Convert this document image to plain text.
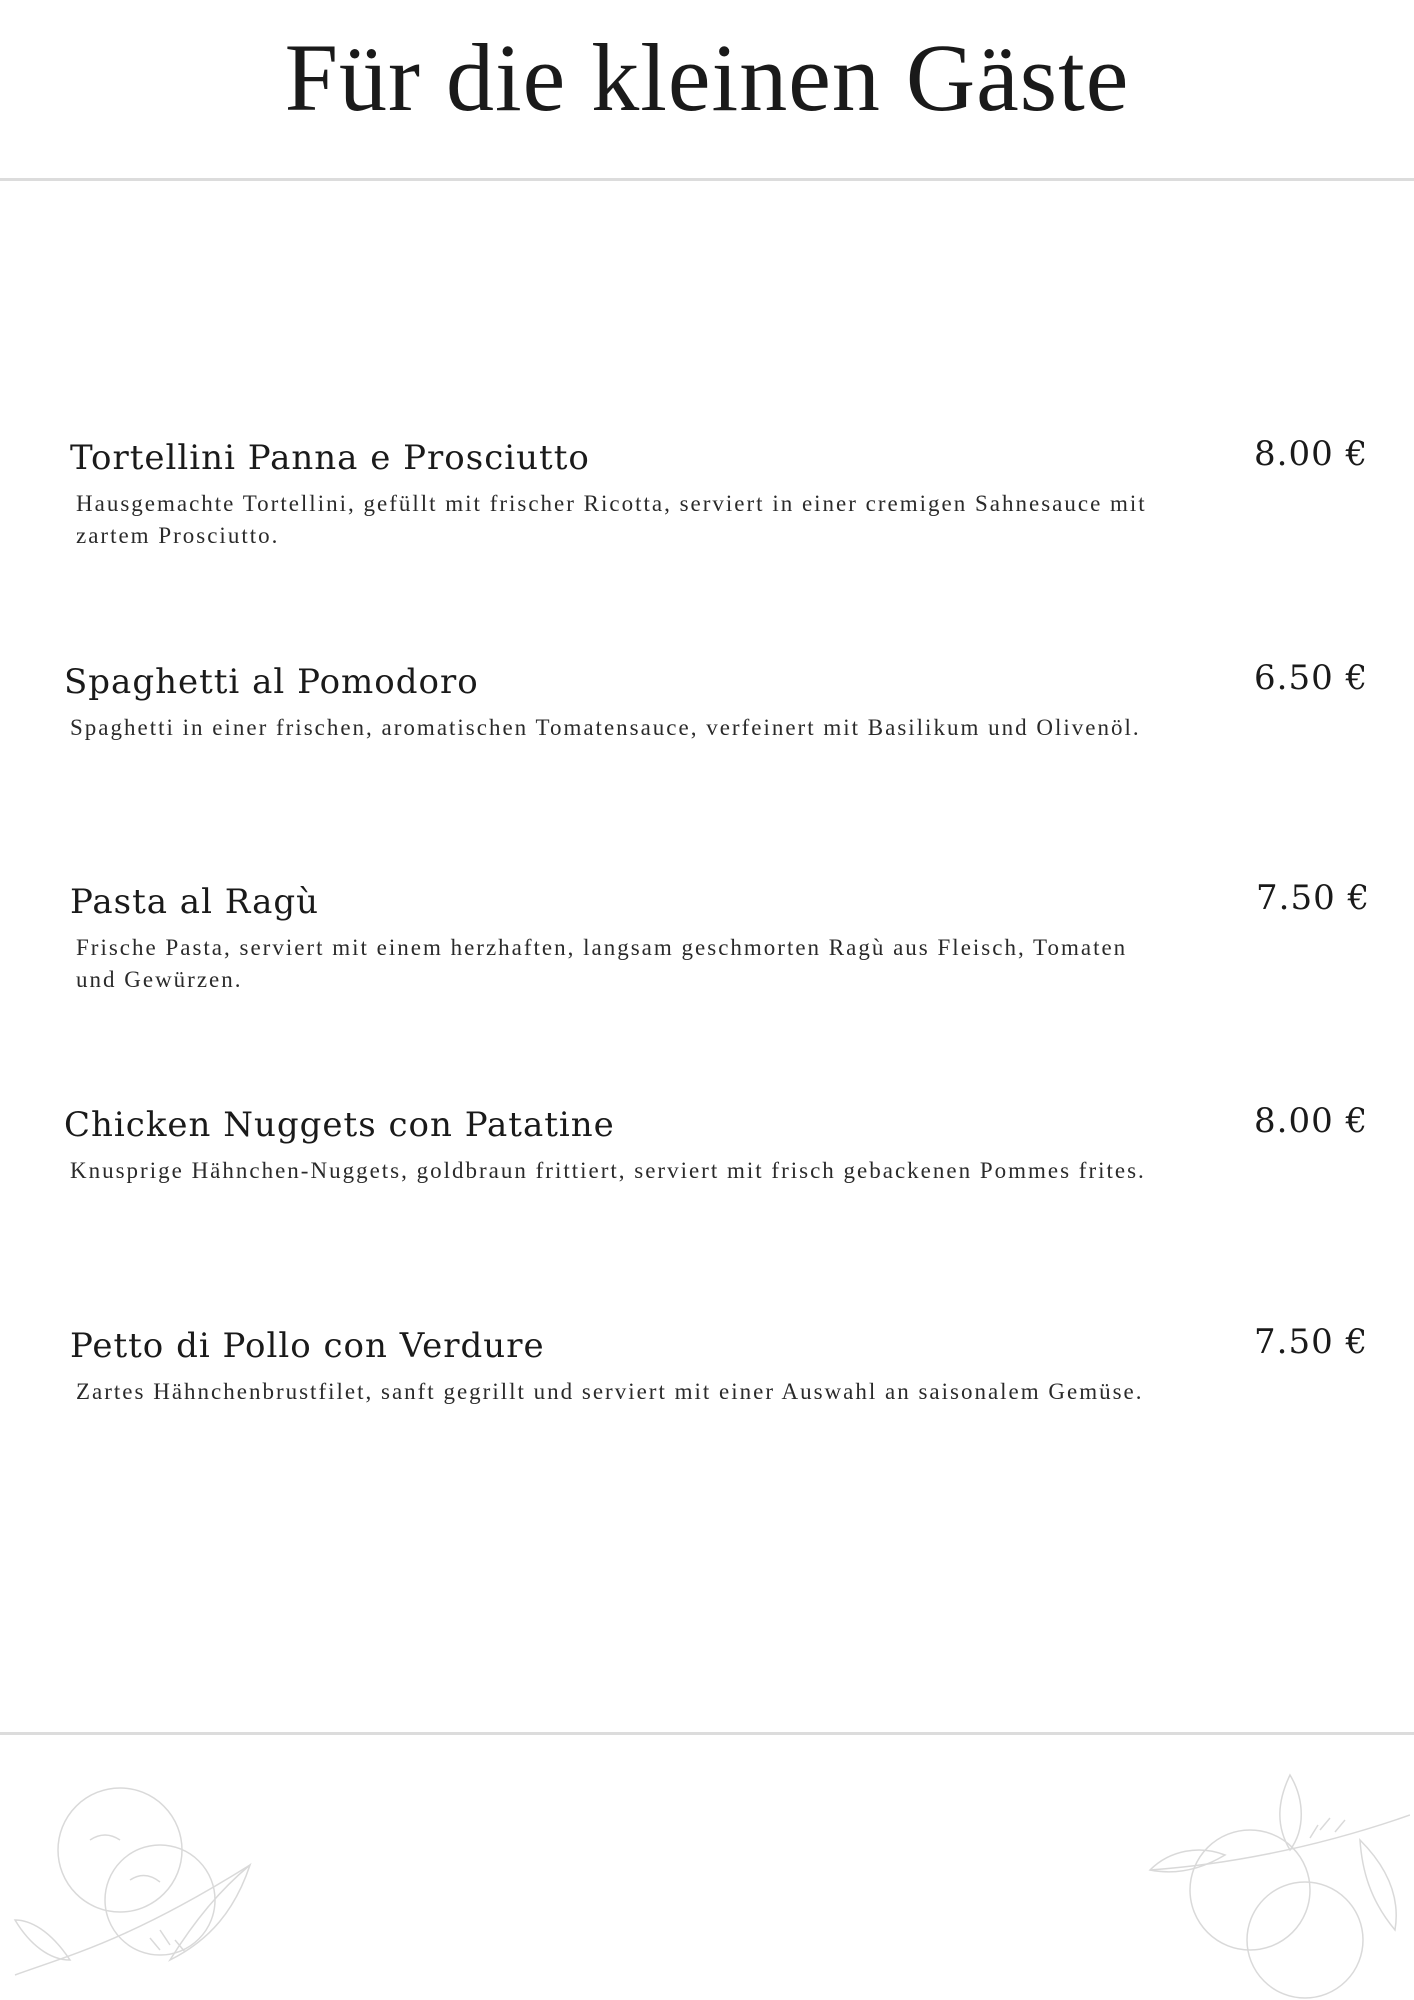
Für die kleinen Gäste
Tortellini Panna e Prosciutto	8.00 €

Hausgemachte Tortellini, gefüllt mit frischer Ricotta, serviert in einer cremigen Sahnesauce mit zartem Prosciutto.

Spaghetti al Pomodoro	6.50 €

Spaghetti in einer frischen, aromatischen Tomatensauce, verfeinert mit Basilikum und Olivenöl.

Pasta al Ragù	7.50 €

Frische Pasta, serviert mit einem herzhaften, langsam geschmorten Ragù aus Fleisch, Tomaten und Gewürzen.

Chicken Nuggets con Patatine	8.00 €

Knusprige Hähnchen-Nuggets, goldbraun frittiert, serviert mit frisch gebackenen Pommes frites.

Petto di Pollo con Verdure	7.50 €

Zartes Hähnchenbrustfilet, sanft gegrillt und serviert mit einer Auswahl an saisonalem Gemüse.
